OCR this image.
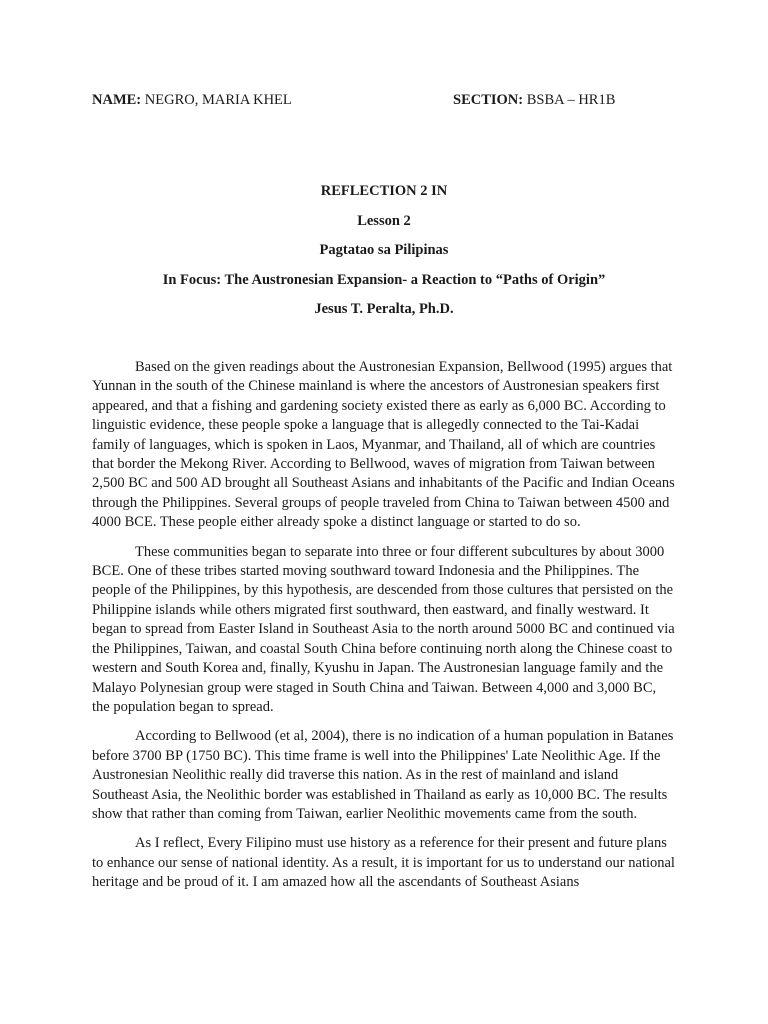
NAME: NEGRO, MARIA KHEL	SECTION: BSBA – HR1B
REFLECTION 2 IN
Lesson 2
Pagtatao sa Pilipinas
In Focus: The Austronesian Expansion- a Reaction to “Paths of Origin”
Jesus T. Peralta, Ph.D.

Based on the given readings about the Austronesian Expansion, Bellwood (1995) argues that Yunnan in the south of the Chinese mainland is where the ancestors of Austronesian speakers first appeared, and that a fishing and gardening society existed there as early as 6,000 BC. According to linguistic evidence, these people spoke a language that is allegedly connected to the Tai-Kadai family of languages, which is spoken in Laos, Myanmar, and Thailand, all of which are countries that border the Mekong River. According to Bellwood, waves of migration from Taiwan between 2,500 BC and 500 AD brought all Southeast Asians and inhabitants of the Pacific and Indian Oceans through the Philippines. Several groups of people traveled from China to Taiwan between 4500 and 4000 BCE. These people either already spoke a distinct language or started to do so.

These communities began to separate into three or four different subcultures by about 3000 BCE. One of these tribes started moving southward toward Indonesia and the Philippines. The people of the Philippines, by this hypothesis, are descended from those cultures that persisted on the Philippine islands while others migrated first southward, then eastward, and finally westward. It began to spread from Easter Island in Southeast Asia to the north around 5000 BC and continued via the Philippines, Taiwan, and coastal South China before continuing north along the Chinese coast to western and South Korea and, finally, Kyushu in Japan. The Austronesian language family and the Malayo Polynesian group were staged in South China and Taiwan. Between 4,000 and 3,000 BC, the population began to spread.

According to Bellwood (et al, 2004), there is no indication of a human population in Batanes before 3700 BP (1750 BC). This time frame is well into the Philippines' Late Neolithic Age. If the Austronesian Neolithic really did traverse this nation. As in the rest of mainland and island Southeast Asia, the Neolithic border was established in Thailand as early as 10,000 BC. The results show that rather than coming from Taiwan, earlier Neolithic movements came from the south.

As I reflect, Every Filipino must use history as a reference for their present and future plans to enhance our sense of national identity. As a result, it is important for us to understand our national heritage and be proud of it. I am amazed how all the ascendants of Southeast Asians
